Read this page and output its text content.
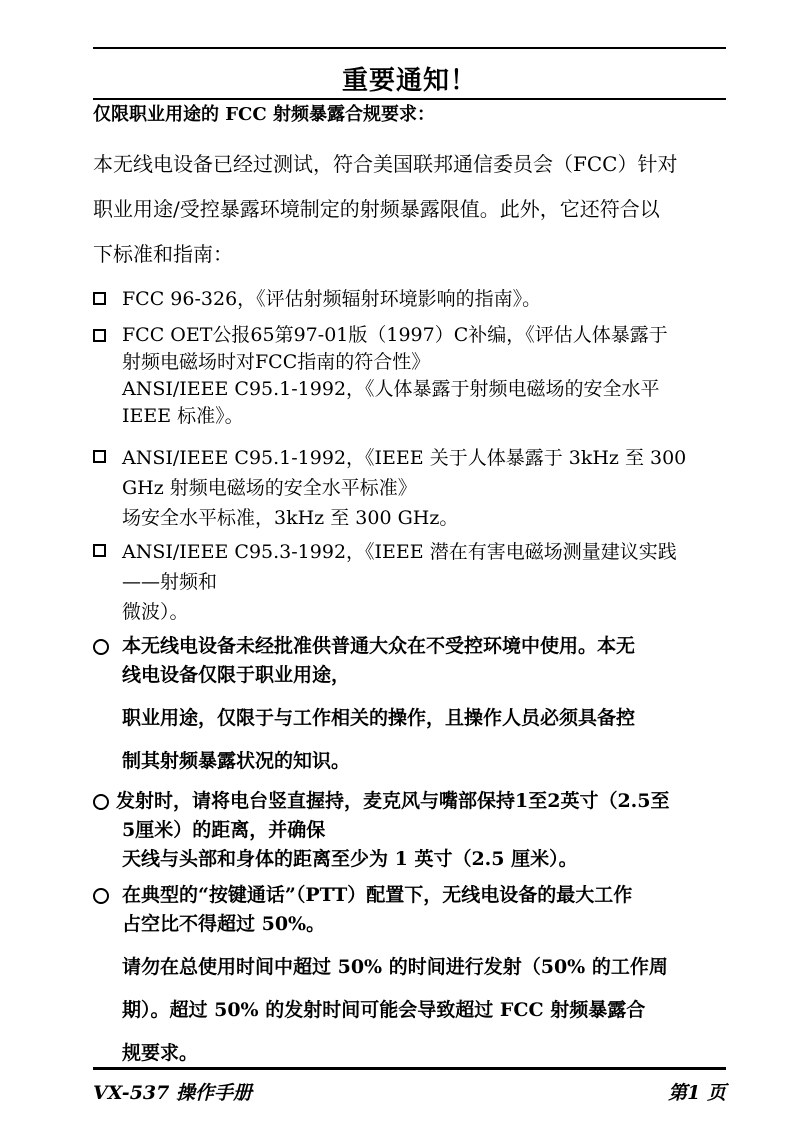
重要通知！
仅限职业用途的 FCC 射频暴露合规要求：
本无线电设备已经过测试，符合美国联邦通信委员会（FCC）针对
职业用途/受控暴露环境制定的射频暴露限值。此外，它还符合以
下标准和指南：
FCC 96-326，《评估射频辐射环境影响的指南》。
FCC OET公报65第97-01版（1997）C补编，《评估人体暴露于
射频电磁场时对FCC指南的符合性》
ANSI/IEEE C95.1-1992，《人体暴露于射频电磁场的安全水平
IEEE 标准》。
ANSI/IEEE C95.1-1992，《IEEE 关于人体暴露于 3kHz 至 300
GHz 射频电磁场的安全水平标准》
场安全水平标准，3kHz 至 300 GHz。
ANSI/IEEE C95.3-1992，《IEEE 潜在有害电磁场测量建议实践
——射频和
微波）。
本无线电设备未经批准供普通大众在不受控环境中使用。本无
线电设备仅限于职业用途，
职业用途，仅限于与工作相关的操作，且操作人员必须具备控
制其射频暴露状况的知识。
发射时，请将电台竖直握持，麦克风与嘴部保持1至2英寸（2.5至
5厘米）的距离，并确保
天线与头部和身体的距离至少为 1 英寸（2.5 厘米）。
在典型的“按键通话”（PTT）配置下，无线电设备的最大工作
占空比不得超过 50%。
请勿在总使用时间中超过 50% 的时间进行发射（50% 的工作周
期）。超过 50% 的发射时间可能会导致超过 FCC 射频暴露合
规要求。
VX-537 操作手册	第1 页
